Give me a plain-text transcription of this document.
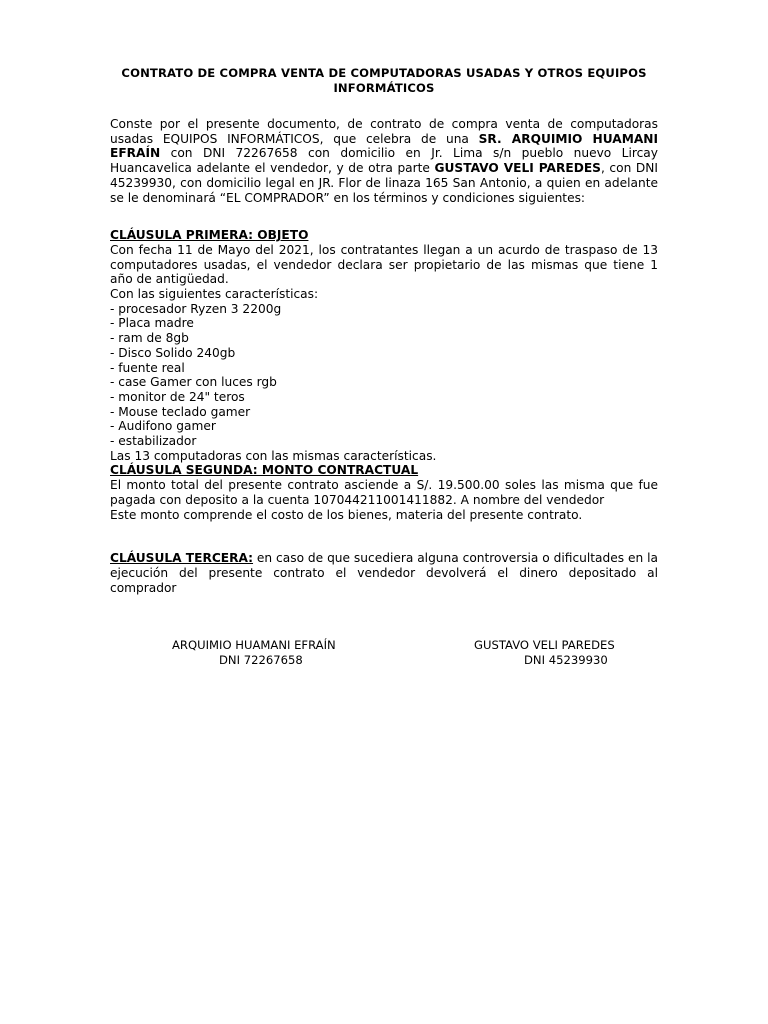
CONTRATO DE COMPRA VENTA DE COMPUTADORAS USADAS Y OTROS EQUIPOS
INFORMÁTICOS

Conste por el presente documento, de contrato de compra venta de computadoras usadas EQUIPOS INFORMÁTICOS, que celebra de una SR. ARQUIMIO HUAMANI EFRAÍN con DNI 72267658 con domicilio en Jr. Lima s/n pueblo nuevo Lircay Huancavelica adelante el vendedor, y de otra parte GUSTAVO VELI PAREDES, con DNI 45239930, con domicilio legal en JR. Flor de linaza 165 San Antonio, a quien en adelante se le denominará “EL COMPRADOR” en los términos y condiciones siguientes:

CLÁUSULA PRIMERA: OBJETO

Con fecha 11 de Mayo del 2021, los contratantes llegan a un acurdo de traspaso de 13 computadores usadas, el vendedor declara ser propietario de las mismas que tiene 1 año de antigüedad.

Con las siguientes características:
- procesador Ryzen 3 2200g
- Placa madre
- ram de 8gb
- Disco Solido 240gb
- fuente real
- case Gamer con luces rgb
- monitor de 24" teros
- Mouse teclado gamer
- Audifono gamer
- estabilizador
Las 13 computadoras con las mismas características.
CLÁUSULA SEGUNDA: MONTO CONTRACTUAL

El monto total del presente contrato asciende a S/. 19.500.00 soles las misma que fue pagada con deposito a la cuenta 107044211001411882. A nombre del vendedor

Este monto comprende el costo de los bienes, materia del presente contrato.

CLÁUSULA TERCERA: en caso de que sucediera alguna controversia o dificultades en la ejecución del presente contrato el vendedor devolverá el dinero depositado al comprador

ARQUIMIO HUAMANI EFRAÍN
DNI 72267658
GUSTAVO VELI PAREDES
DNI 45239930
